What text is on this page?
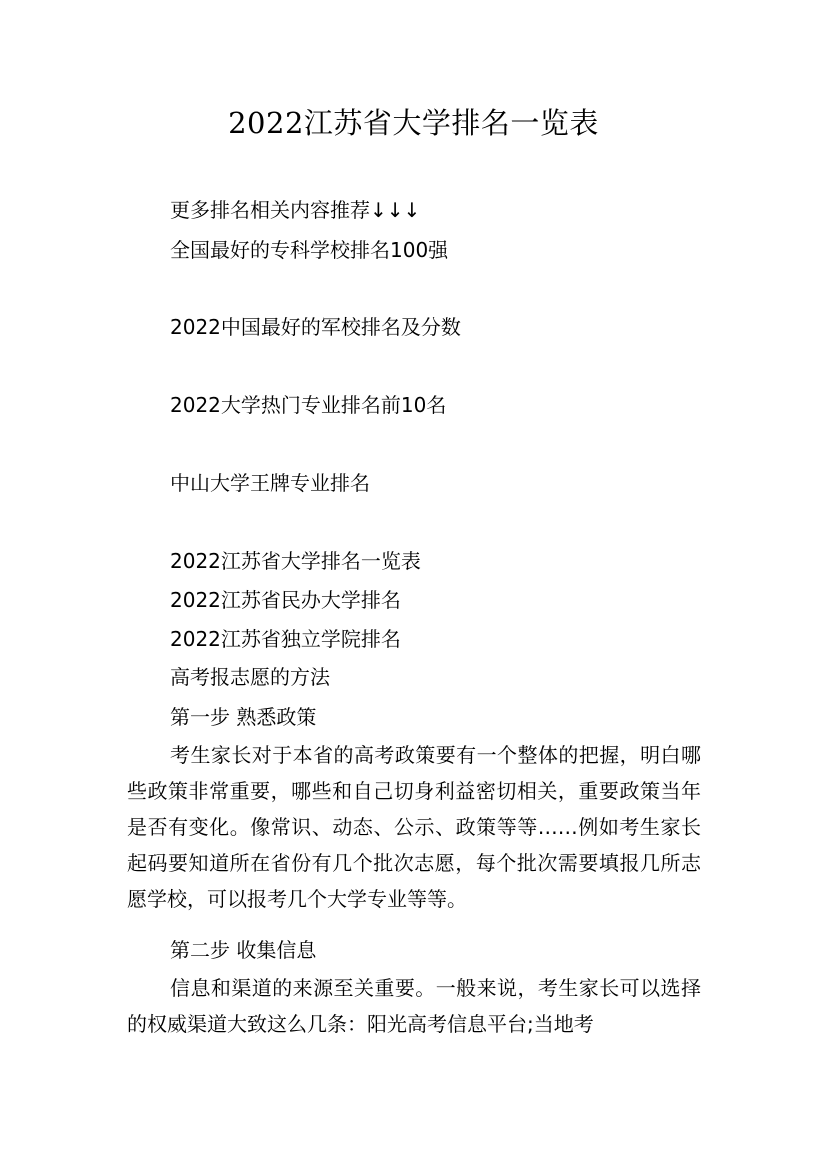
2022江苏省大学排名一览表
更多排名相关内容推荐↓↓↓
全国最好的专科学校排名100强
2022中国最好的军校排名及分数
2022大学热门专业排名前10名
中山大学王牌专业排名
2022江苏省大学排名一览表
2022江苏省民办大学排名
2022江苏省独立学院排名
高考报志愿的方法
第一步 熟悉政策
考生家长对于本省的高考政策要有一个整体的把握，明白哪些政策非常重要，哪些和自己切身利益密切相关，重要政策当年是否有变化。像常识、动态、公示、政策等等……例如考生家长起码要知道所在省份有几个批次志愿，每个批次需要填报几所志愿学校，可以报考几个大学专业等等。
第二步 收集信息
信息和渠道的来源至关重要。一般来说，考生家长可以选择的权威渠道大致这么几条：阳光高考信息平台;当地考
